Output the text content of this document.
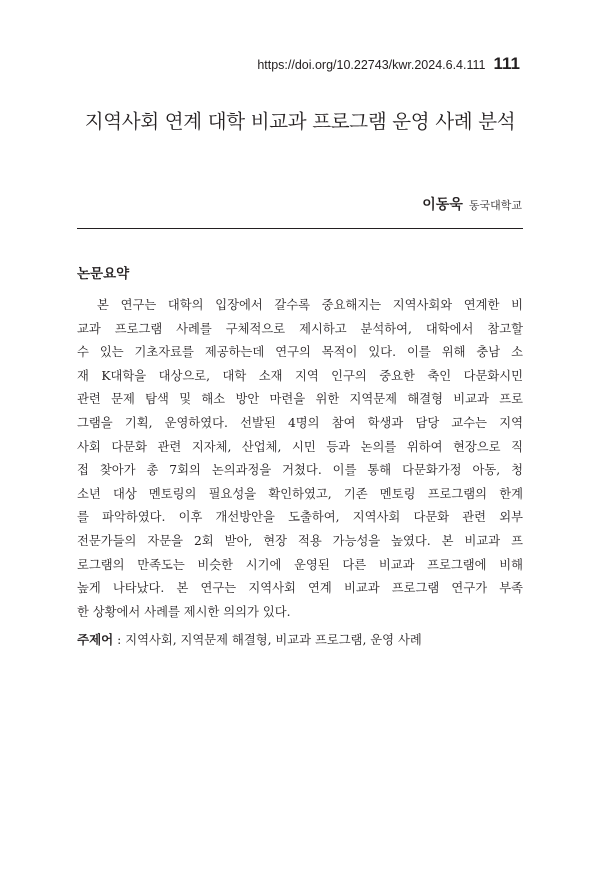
https://doi.org/10.22743/kwr.2024.6.4.111 111
지역사회 연계 대학 비교과 프로그램 운영 사례 분석
이동욱 동국대학교
논문요약
　본 연구는 대학의 입장에서 갈수록 중요해지는 지역사회와 연계한 비
교과 프로그램 사례를 구체적으로 제시하고 분석하여, 대학에서 참고할
수 있는 기초자료를 제공하는데 연구의 목적이 있다. 이를 위해 충남 소
재 K대학을 대상으로, 대학 소재 지역 인구의 중요한 축인 다문화시민
관련 문제 탐색 및 해소 방안 마련을 위한 지역문제 해결형 비교과 프로
그램을 기획, 운영하였다. 선발된 4명의 참여 학생과 담당 교수는 지역
사회 다문화 관련 지자체, 산업체, 시민 등과 논의를 위하여 현장으로 직
접 찾아가 총 7회의 논의과정을 거쳤다. 이를 통해 다문화가정 아동, 청
소년 대상 멘토링의 필요성을 확인하였고, 기존 멘토링 프로그램의 한계
를 파악하였다. 이후 개선방안을 도출하여, 지역사회 다문화 관련 외부
전문가들의 자문을 2회 받아, 현장 적용 가능성을 높였다. 본 비교과 프
로그램의 만족도는 비슷한 시기에 운영된 다른 비교과 프로그램에 비해
높게 나타났다. 본 연구는 지역사회 연계 비교과 프로그램 연구가 부족
한 상황에서 사례를 제시한 의의가 있다.
주제어 : 지역사회, 지역문제 해결형, 비교과 프로그램, 운영 사례
